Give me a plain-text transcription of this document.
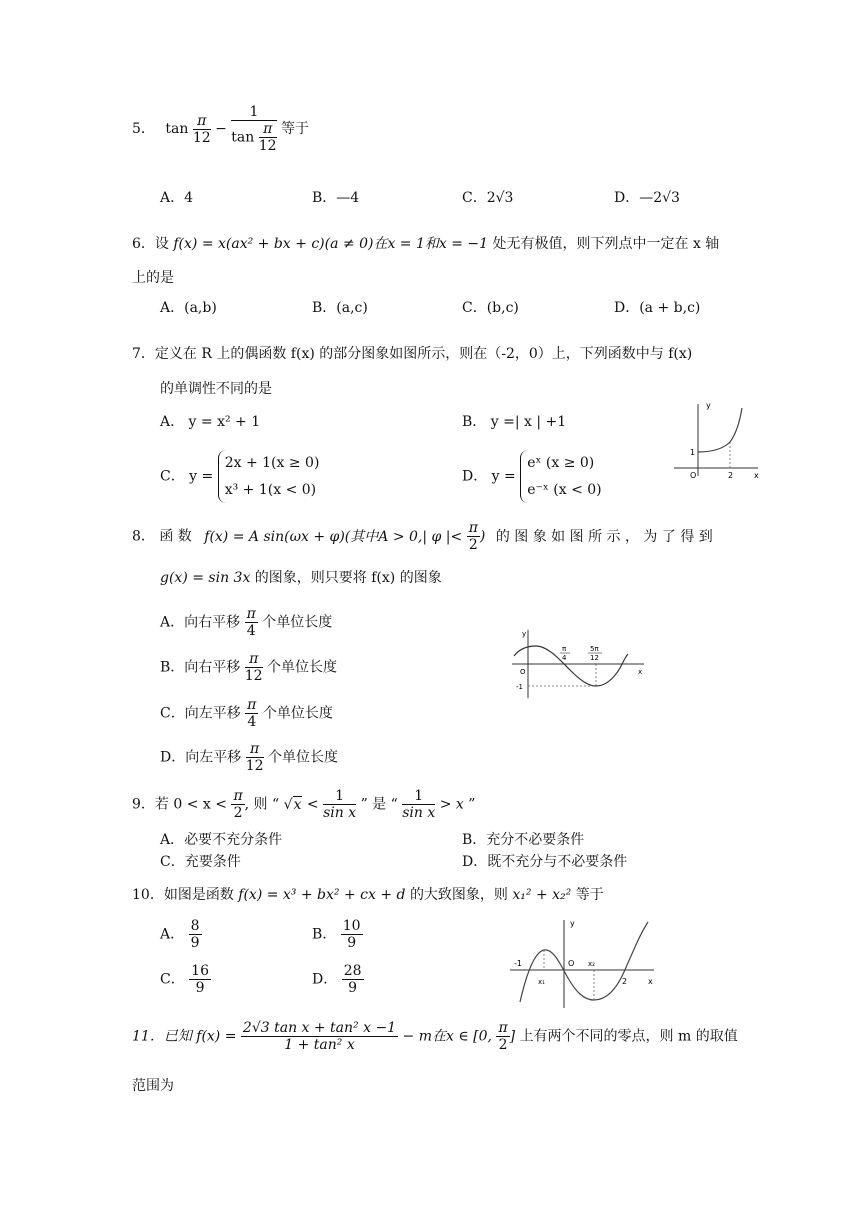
5． $\tan \frac{\pi}{12} - \frac{1}{\tan \frac{\pi}{12}}$ 等于
A．4	B．—4	C．2√3	D．—2√3
6．设 f(x) = x(ax² + bx + c)(a ≠ 0)在x = 1和x = −1 处无有极值，则下列点中一定在 x 轴
上的是
A．(a,b)	B．(a,c)	C．(b,c)	D．(a + b,c)
7．定义在 R 上的偶函数 f(x) 的部分图象如图所示，则在（-2，0）上，下列函数中与 f(x)
的单调性不同的是
A． y = x² + 1	B． y =| x | +1
C． y =
2x + 1(x ≥ 0)
x³ + 1(x < 0)
D． y =
eˣ (x ≥ 0)
e⁻ˣ (x < 0)
y
x
O
1
2
8． 函 数 f(x) = A sin(ωx + φ)(其中A > 0,| φ |< $\frac{\pi}{2}$ ) 的 图 象 如 图 所 示 ， 为 了 得 到
g(x) = sin 3x 的图象，则只要将 f(x) 的图象
A．向右平移 $\frac{\pi}{4}$ 个单位长度
B．向右平移 $\frac{\pi}{12}$ 个单位长度
C．向左平移 $\frac{\pi}{4}$ 个单位长度
D．向左平移 $\frac{\pi}{12}$ 个单位长度
y
x
O
-1
π
4
5π
12
9．若 $0 < x < \frac{\pi}{2}$ , 则 “ $√x < \frac{1}{\text{sin x}}$ ” 是 “ $\frac{1}{\text{sin x}} > x$ ”
A．必要不充分条件	B．充分不必要条件
C．充要条件	D．既不充分与不必要条件
10．如图是函数 f(x) = x³ + bx² + cx + d 的大致图象，则 x₁² + x₂² 等于
A． $\frac{8}{9}$	B． $\frac{10}{9}$
C． $\frac{16}{9}$	D． $\frac{28}{9}$
y
x
O
-1
2
x₁
x₂
11．已知 $f(x) = \frac{\text{2√3 tan x + tan² x −1}}{\text{1 + tan² x}} - m$在x ∈ [0, $\frac{\pi}{2}$ ] 上有两个不同的零点，则 m 的取值
范围为
